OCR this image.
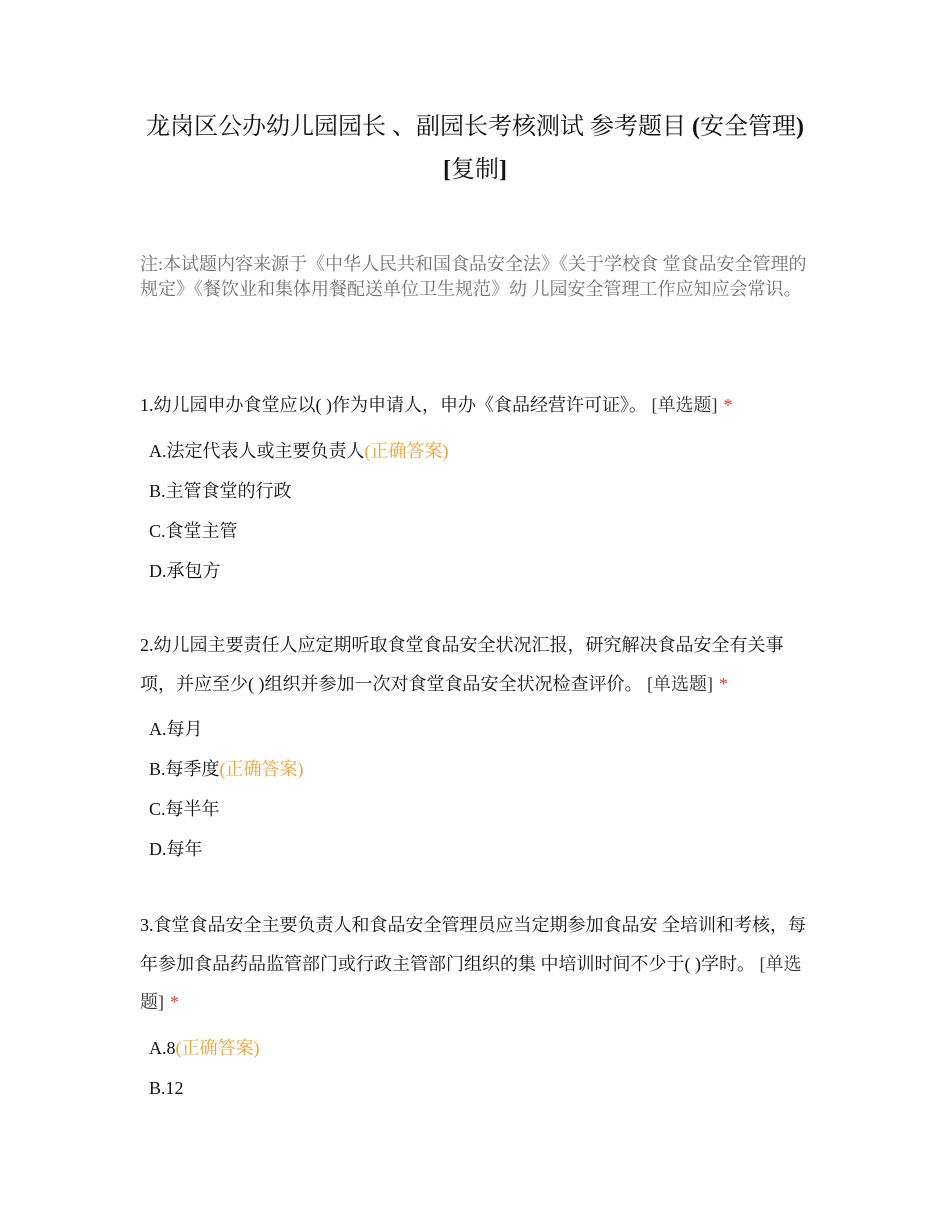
龙岗区公办幼儿园园长 、副园长考核测试 参考题目 (安全管理)[复制]

注:本试题内容来源于《中华人民共和国食品安全法》《关于学校食 堂食品安全管理的规定》《餐饮业和集体用餐配送单位卫生规范》幼 儿园安全管理工作应知应会常识。

1.幼儿园申办食堂应以( )作为申请人，申办《食品经营许可证》。 [单选题] *

A.法定代表人或主要负责人(正确答案)
B.主管食堂的行政
C.食堂主管
D.承包方

2.幼儿园主要责任人应定期听取食堂食品安全状况汇报，研究解决食品安全有关事项，并应至少( )组织并参加一次对食堂食品安全状况检查评价。 [单选题] *

A.每月
B.每季度(正确答案)
C.每半年
D.每年

3.食堂食品安全主要负责人和食品安全管理员应当定期参加食品安 全培训和考核，每年参加食品药品监管部门或行政主管部门组织的集 中培训时间不少于( )学时。 [单选题] *

A.8(正确答案)
B.12
